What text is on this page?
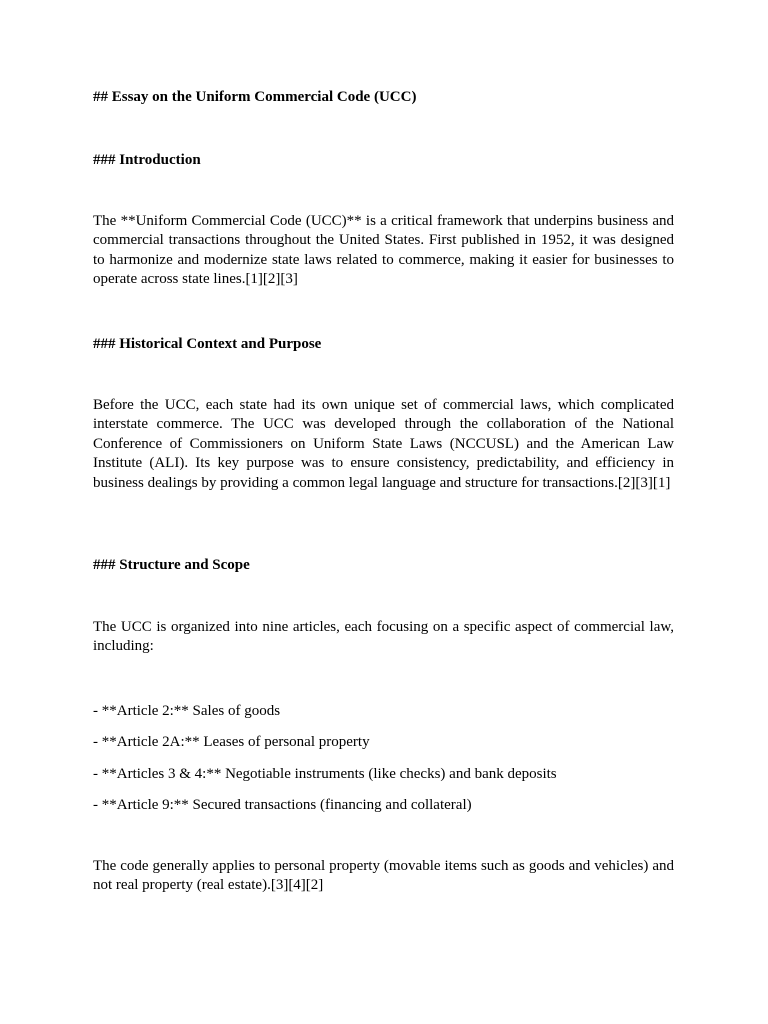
## Essay on the Uniform Commercial Code (UCC)

### Introduction

The **Uniform Commercial Code (UCC)** is a critical framework that underpins business and commercial transactions throughout the United States. First published in 1952, it was designed to harmonize and modernize state laws related to commerce, making it easier for businesses to operate across state lines.[1][2][3]

### Historical Context and Purpose

Before the UCC, each state had its own unique set of commercial laws, which complicated interstate commerce. The UCC was developed through the collaboration of the National Conference of Commissioners on Uniform State Laws (NCCUSL) and the American Law Institute (ALI). Its key purpose was to ensure consistency, predictability, and efficiency in business dealings by providing a common legal language and structure for transactions.[2][3][1]

### Structure and Scope

The UCC is organized into nine articles, each focusing on a specific aspect of commercial law, including:

- **Article 2:** Sales of goods

- **Article 2A:** Leases of personal property

- **Articles 3 & 4:** Negotiable instruments (like checks) and bank deposits

- **Article 9:** Secured transactions (financing and collateral)

The code generally applies to personal property (movable items such as goods and vehicles) and not real property (real estate).[3][4][2]
